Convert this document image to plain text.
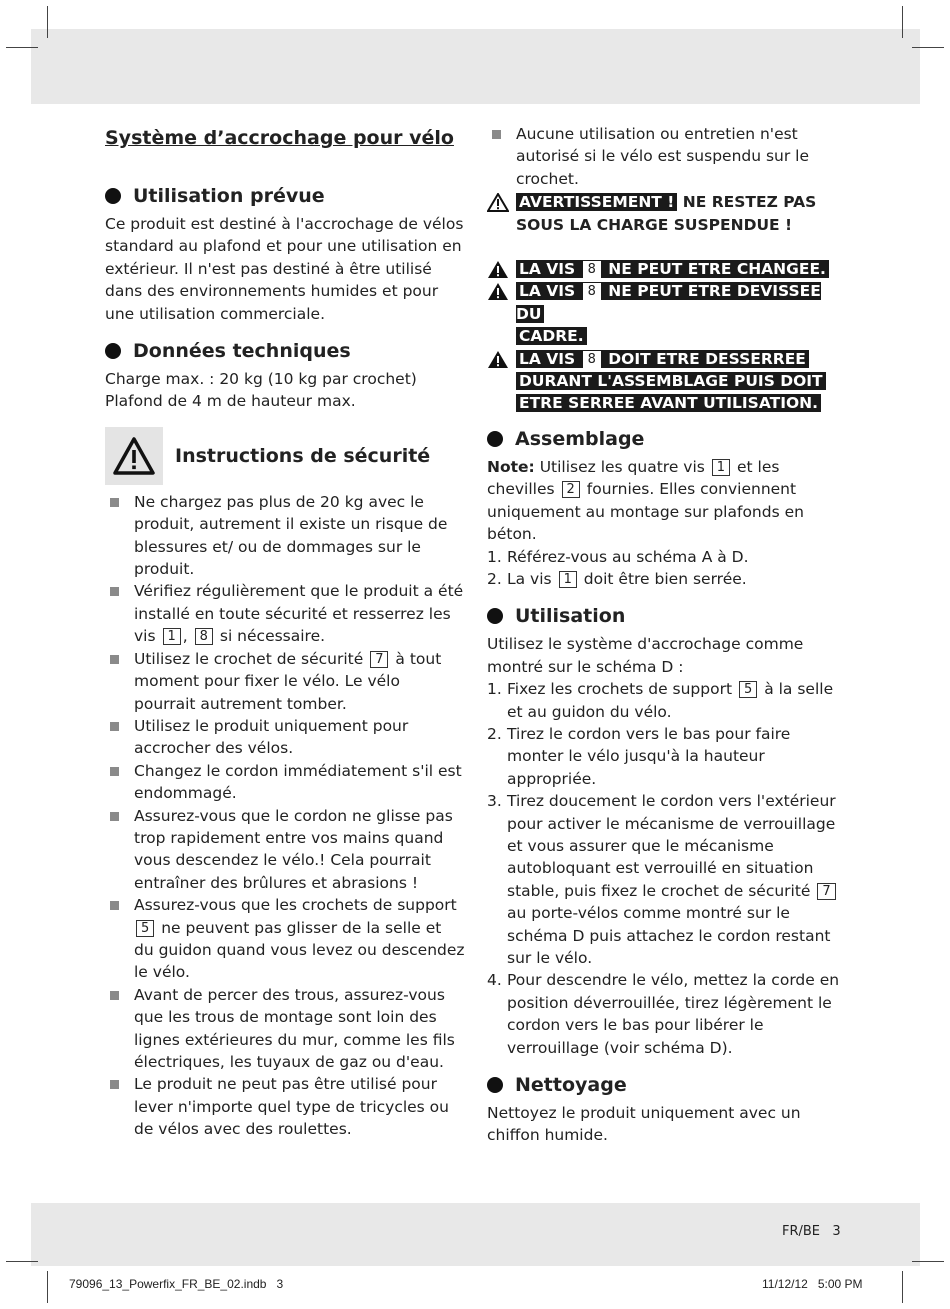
Système d’accrochage pour vélo
Utilisation prévue

Ce produit est destiné à l'accrochage de vélos standard au plafond et pour une utilisation en extérieur. Il n'est pas destiné à être utilisé dans des environnements humides et pour une utilisation commerciale.

Données techniques
Charge max. : 20 kg (10 kg par crochet)
Plafond de 4 m de hauteur max.
Instructions de sécurité
Ne chargez pas plus de 20 kg avec le produit, autrement il existe un risque de blessures et/ ou de dommages sur le produit.
Vérifiez régulièrement que le produit a été installé en toute sécurité et resserrez les vis 1 , 8 si nécessaire.
Utilisez le crochet de sécurité 7 à tout moment pour fixer le vélo. Le vélo pourrait autrement tomber.
Utilisez le produit uniquement pour accrocher des vélos.
Changez le cordon immédiatement s'il est endommagé.
Assurez-vous que le cordon ne glisse pas trop rapidement entre vos mains quand vous descendez le vélo.! Cela pourrait entraîner des brûlures et abrasions !
Assurez-vous que les crochets de support 5 ne peuvent pas glisser de la selle et du guidon quand vous levez ou descendez le vélo.
Avant de percer des trous, assurez-vous que les trous de montage sont loin des lignes extérieures du mur, comme les fils électriques, les tuyaux de gaz ou d'eau.
Le produit ne peut pas être utilisé pour lever n'importe quel type de tricycles ou de vélos avec des roulettes.
Aucune utilisation ou entretien n'est autorisé si le vélo est suspendu sur le crochet.
AVERTISSEMENT ! NE RESTEZ PAS SOUS LA CHARGE SUSPENDUE !
LA VIS 8 NE PEUT ETRE CHANGEE.
LA VIS 8 NE PEUT ETRE DEVISSEE DU
CADRE.
LA VIS 8 DOIT ETRE DESSERREE
DURANT L'ASSEMBLAGE PUIS DOIT
ETRE SERREE AVANT UTILISATION.
Assemblage

Note: Utilisez les quatre vis 1 et les chevilles 2 fournies. Elles conviennent uniquement au montage sur plafonds en béton.

1. Référez-vous au schéma A à D.
2. La vis 1 doit être bien serrée.
Utilisation

Utilisez le système d'accrochage comme montré sur le schéma D :

1. Fixez les crochets de support 5 à la selle et au guidon du vélo.
2. Tirez le cordon vers le bas pour faire monter le vélo jusqu'à la hauteur appropriée.
3. Tirez doucement le cordon vers l'extérieur pour activer le mécanisme de verrouillage et vous assurer que le mécanisme autobloquant est verrouillé en situation stable, puis fixez le crochet de sécurité 7 au porte-vélos comme montré sur le schéma D puis attachez le cordon restant sur le vélo.
4. Pour descendre le vélo, mettez la corde en position déverrouillée, tirez légèrement le cordon vers le bas pour libérer le verrouillage (voir schéma D).
Nettoyage

Nettoyez le produit uniquement avec un chiffon humide.

FR/BE   3
79096_13_Powerfix_FR_BE_02.indb   3	11/12/12   5:00 PM
